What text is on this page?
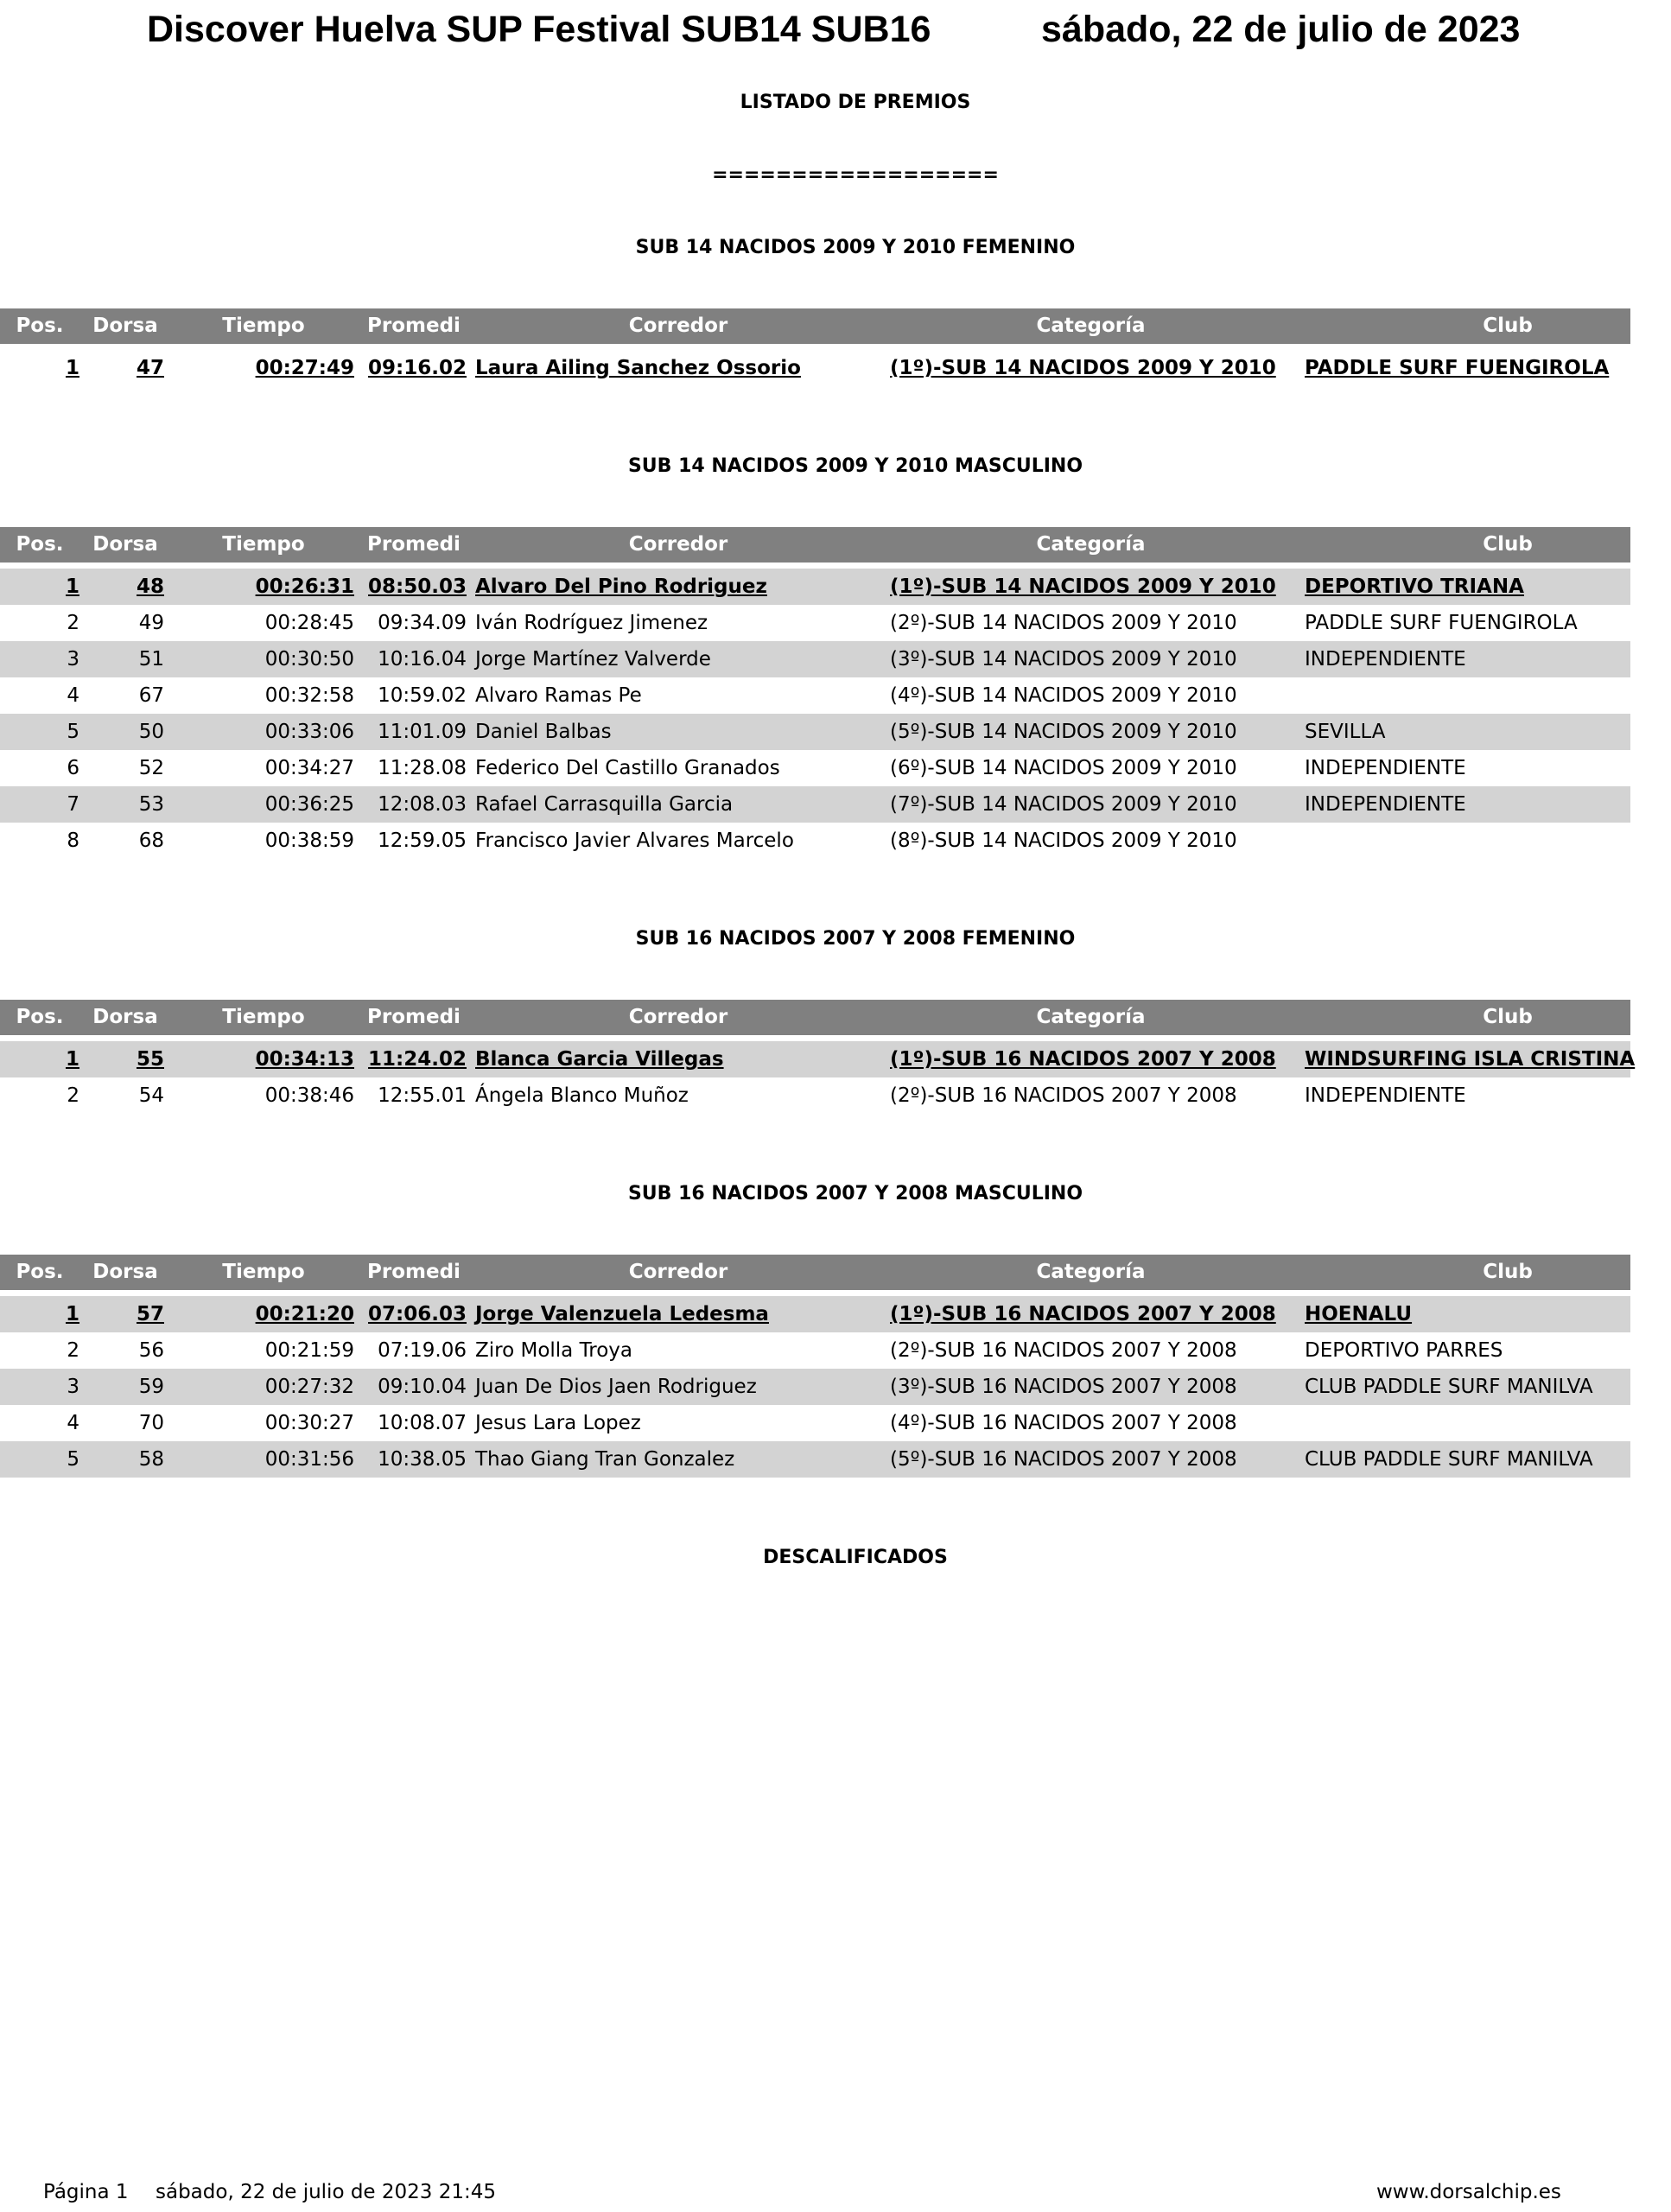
Discover Huelva SUP Festival SUB14 SUB16	sábado, 22 de julio de 2023
LISTADO DE PREMIOS
==================
SUB 14 NACIDOS 2009 Y 2010 FEMENINO
Pos.	Dorsa	Tiempo	Promedi	Corredor	Categoría	Club
1	47	00:27:49 09:16.02 Laura Ailing Sanchez Ossorio	(1º)-SUB 14 NACIDOS 2009 Y 2010	PADDLE SURF FUENGIROLA
SUB 14 NACIDOS 2009 Y 2010 MASCULINO
Pos.	Dorsa	Tiempo	Promedi	Corredor	Categoría	Club
1	48	00:26:31 08:50.03 Alvaro Del Pino Rodriguez	(1º)-SUB 14 NACIDOS 2009 Y 2010	DEPORTIVO TRIANA
2	49	00:28:45	09:34.09 Iván Rodríguez Jimenez	(2º)-SUB 14 NACIDOS 2009 Y 2010	PADDLE SURF FUENGIROLA
3	51	00:30:50	10:16.04 Jorge Martínez Valverde	(3º)-SUB 14 NACIDOS 2009 Y 2010	INDEPENDIENTE
4	67	00:32:58	10:59.02 Alvaro Ramas Pe	(4º)-SUB 14 NACIDOS 2009 Y 2010
5	50	00:33:06	11:01.09 Daniel Balbas	(5º)-SUB 14 NACIDOS 2009 Y 2010	SEVILLA
6	52	00:34:27	11:28.08 Federico Del Castillo Granados	(6º)-SUB 14 NACIDOS 2009 Y 2010	INDEPENDIENTE
7	53	00:36:25	12:08.03 Rafael Carrasquilla Garcia	(7º)-SUB 14 NACIDOS 2009 Y 2010	INDEPENDIENTE
8	68	00:38:59	12:59.05 Francisco Javier Alvares Marcelo	(8º)-SUB 14 NACIDOS 2009 Y 2010
SUB 16 NACIDOS 2007 Y 2008 FEMENINO
Pos.	Dorsa	Tiempo	Promedi	Corredor	Categoría	Club
1	55	00:34:13 11:24.02 Blanca Garcia Villegas	(1º)-SUB 16 NACIDOS 2007 Y 2008	WINDSURFING ISLA CRISTINA
2	54	00:38:46	12:55.01 Ángela Blanco Muñoz	(2º)-SUB 16 NACIDOS 2007 Y 2008	INDEPENDIENTE
SUB 16 NACIDOS 2007 Y 2008 MASCULINO
Pos.	Dorsa	Tiempo	Promedi	Corredor	Categoría	Club
1	57	00:21:20 07:06.03 Jorge Valenzuela Ledesma	(1º)-SUB 16 NACIDOS 2007 Y 2008	HOENALU
2	56	00:21:59	07:19.06 Ziro Molla Troya	(2º)-SUB 16 NACIDOS 2007 Y 2008	DEPORTIVO PARRES
3	59	00:27:32	09:10.04 Juan De Dios Jaen Rodriguez	(3º)-SUB 16 NACIDOS 2007 Y 2008	CLUB PADDLE SURF MANILVA
4	70	00:30:27	10:08.07 Jesus Lara Lopez	(4º)-SUB 16 NACIDOS 2007 Y 2008
5	58	00:31:56	10:38.05 Thao Giang Tran Gonzalez	(5º)-SUB 16 NACIDOS 2007 Y 2008	CLUB PADDLE SURF MANILVA
DESCALIFICADOS
Página 1 sábado, 22 de julio de 2023 21:45	www.dorsalchip.es
